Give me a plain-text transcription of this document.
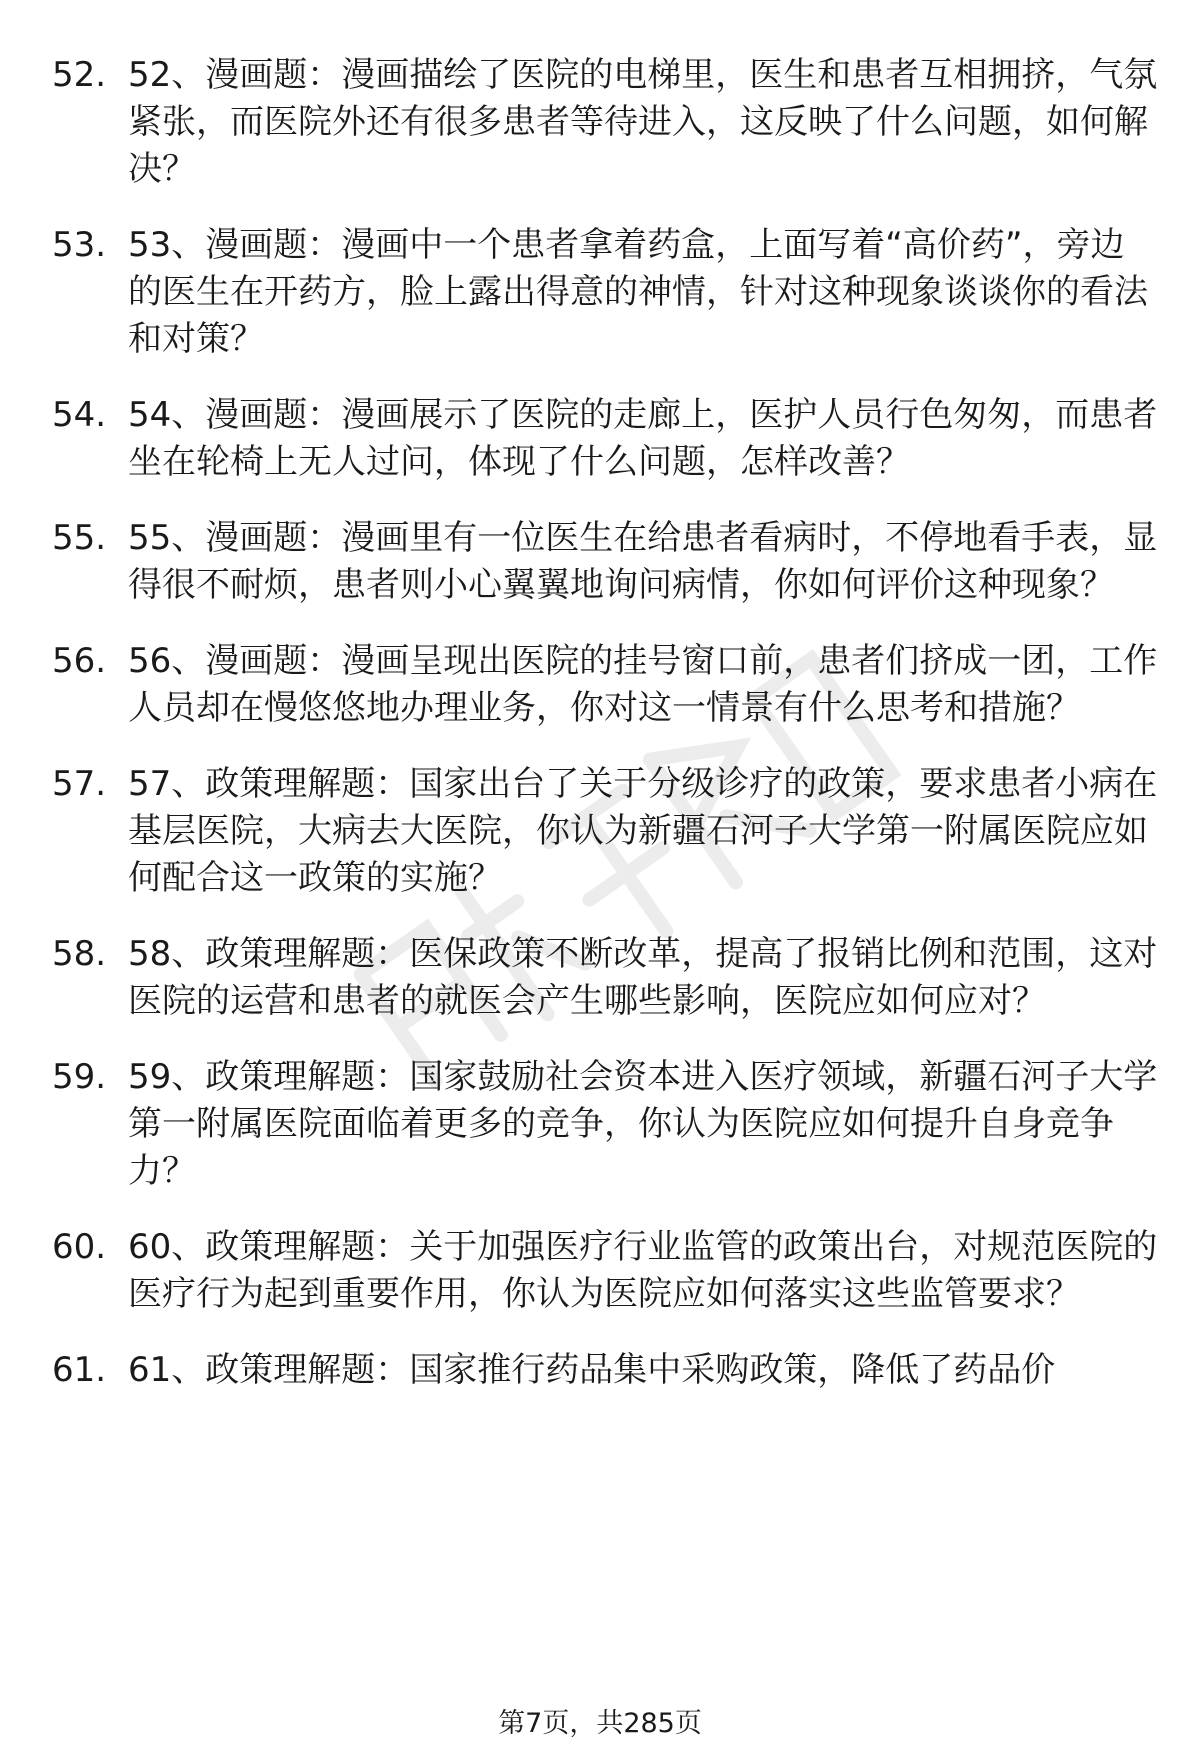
52. 52、漫画题：漫画描绘了医院的电梯里，医生和患者互相拥挤，气氛紧张，而医院外还有很多患者等待进入，这反映了什么问题，如何解决？
53. 53、漫画题：漫画中一个患者拿着药盒，上面写着“高价药”，旁边的医生在开药方，脸上露出得意的神情，针对这种现象谈谈你的看法和对策？
54. 54、漫画题：漫画展示了医院的走廊上，医护人员行色匆匆，而患者坐在轮椅上无人过问，体现了什么问题，怎样改善？
55. 55、漫画题：漫画里有一位医生在给患者看病时，不停地看手表，显得很不耐烦，患者则小心翼翼地询问病情，你如何评价这种现象？
56. 56、漫画题：漫画呈现出医院的挂号窗口前，患者们挤成一团，工作人员却在慢悠悠地办理业务，你对这一情景有什么思考和措施？
57. 57、政策理解题：国家出台了关于分级诊疗的政策，要求患者小病在基层医院，大病去大医院，你认为新疆石河子大学第一附属医院应如何配合这一政策的实施？
58. 58、政策理解题：医保政策不断改革，提高了报销比例和范围，这对医院的运营和患者的就医会产生哪些影响，医院应如何应对？
59. 59、政策理解题：国家鼓励社会资本进入医疗领域，新疆石河子大学第一附属医院面临着更多的竞争，你认为医院应如何提升自身竞争力？
60. 60、政策理解题：关于加强医疗行业监管的政策出台，对规范医院的医疗行为起到重要作用，你认为医院应如何落实这些监管要求？
61. 61、政策理解题：国家推行药品集中采购政策，降低了药品价
第7页，共285页
